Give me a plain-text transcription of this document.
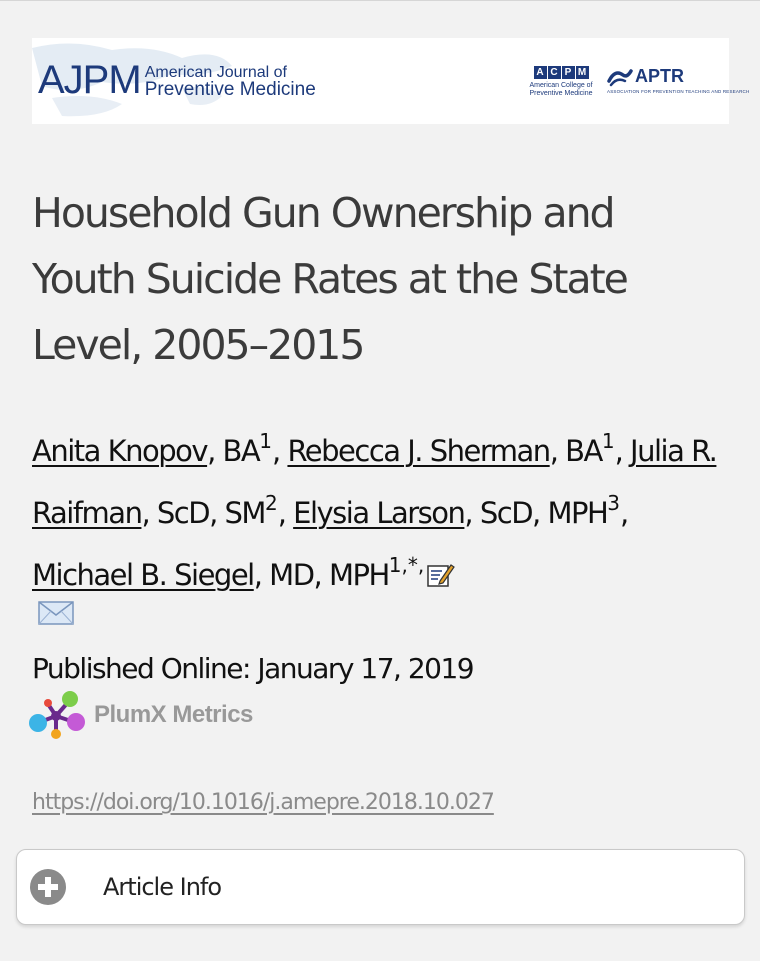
AJPM American Journal of
Preventive Medicine
A C P M
American College of
Preventive Medicine
APTR
ASSOCIATION FOR PREVENTION TEACHING AND RESEARCH
Household Gun Ownership and Youth Suicide Rates at the State Level, 2005–2015
Anita Knopov, $BA^1$, Rebecca J. Sherman, $BA^1$, Julia R. Raifman, ScD, $SM^2$, Elysia Larson, ScD, MPH$^3$, Michael B. Siegel, MD, $MPH^{1,*,}$
Published Online: January 17, 2019
PlumX Metrics
https://doi.org/10.1016/j.amepre.2018.10.027
Article Info
